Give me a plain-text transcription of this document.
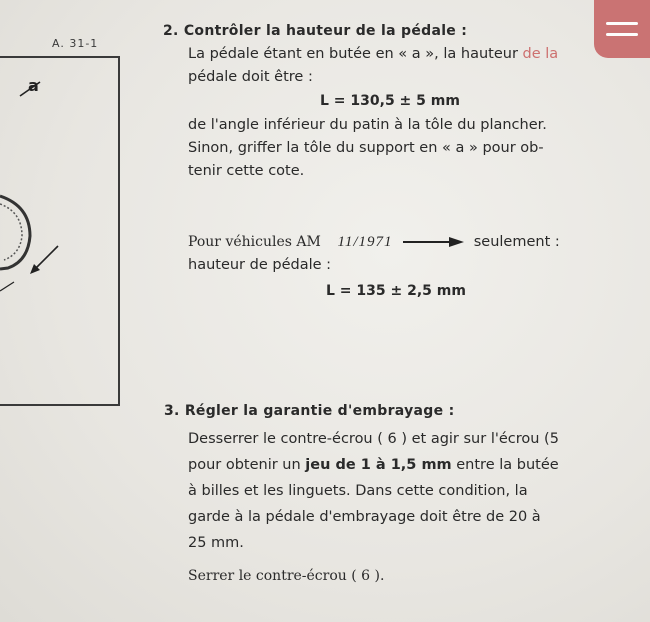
A. 31-1
a
2. Contrôler la hauteur de la pédale :
La pédale étant en butée en « a », la hauteur de la
pédale doit être :
L = 130,5 ± 5 mm
de l'angle inférieur du patin à la tôle du plancher.
Sinon, griffer la tôle du support en « a » pour ob-
tenir cette cote.
Pour véhicules AM 11/1971	seulement :
hauteur de pédale :
L = 135 ± 2,5 mm
3. Régler la garantie d'embrayage :
Desserrer le contre-écrou ( 6 ) et agir sur l'écrou (5
pour obtenir un jeu de 1 à 1,5 mm entre la butée
à billes et les linguets. Dans cette condition, la
garde à la pédale d'embrayage doit être de 20 à
25 mm.
Serrer le contre-écrou ( 6 ).
